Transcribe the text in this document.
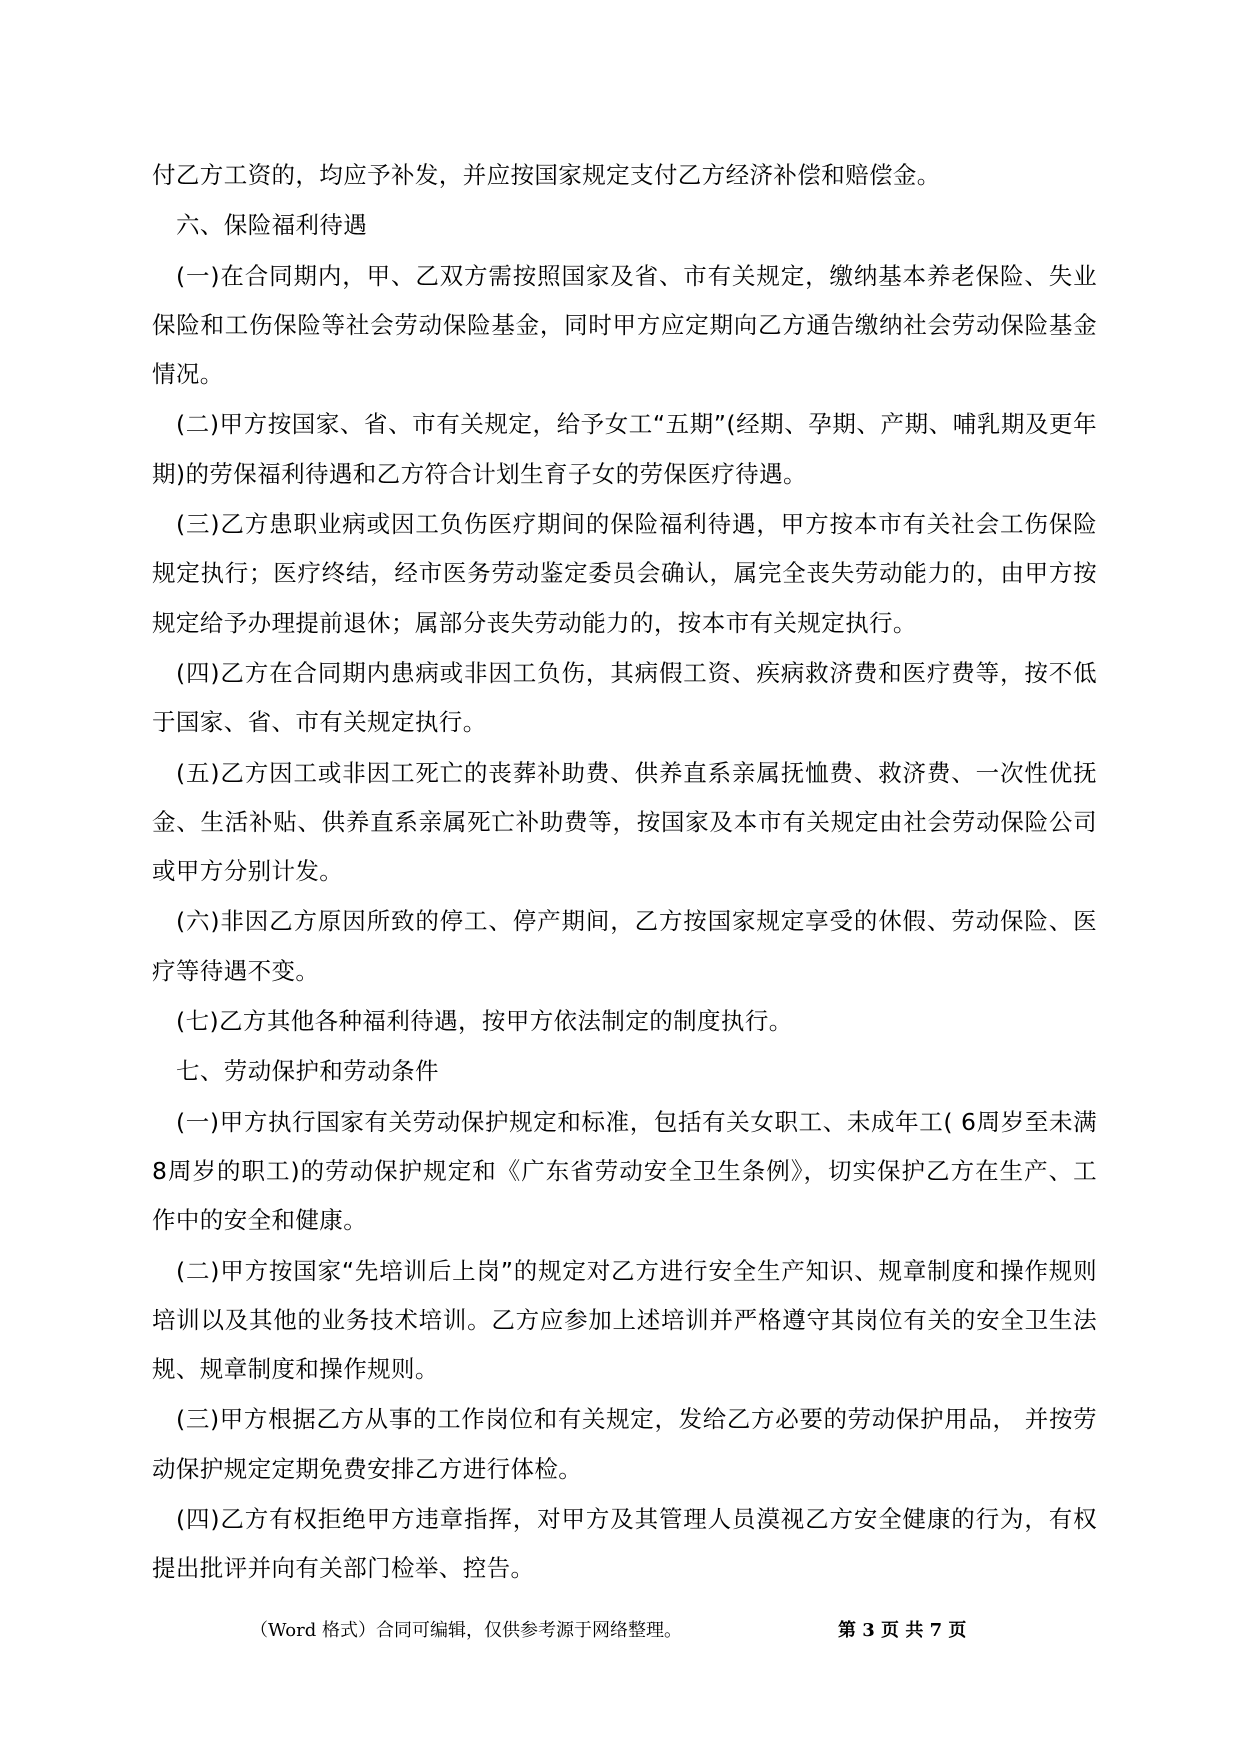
付乙方工资的，均应予补发，并应按国家规定支付乙方经济补偿和赔偿金。

六、保险福利待遇

(一)在合同期内，甲、乙双方需按照国家及省、市有关规定，缴纳基本养老保险、失业保险和工伤保险等社会劳动保险基金，同时甲方应定期向乙方通告缴纳社会劳动保险基金情况。

(二)甲方按国家、省、市有关规定，给予女工“五期”(经期、孕期、产期、哺乳期及更年期)的劳保福利待遇和乙方符合计划生育子女的劳保医疗待遇。

(三)乙方患职业病或因工负伤医疗期间的保险福利待遇，甲方按本市有关社会工伤保险规定执行；医疗终结，经市医务劳动鉴定委员会确认，属完全丧失劳动能力的，由甲方按规定给予办理提前退休；属部分丧失劳动能力的，按本市有关规定执行。

(四)乙方在合同期内患病或非因工负伤，其病假工资、疾病救济费和医疗费等，按不低于国家、省、市有关规定执行。

(五)乙方因工或非因工死亡的丧葬补助费、供养直系亲属抚恤费、救济费、一次性优抚金、生活补贴、供养直系亲属死亡补助费等，按国家及本市有关规定由社会劳动保险公司或甲方分别计发。

(六)非因乙方原因所致的停工、停产期间，乙方按国家规定享受的休假、劳动保险、医疗等待遇不变。

(七)乙方其他各种福利待遇，按甲方依法制定的制度执行。

七、劳动保护和劳动条件

(一)甲方执行国家有关劳动保护规定和标准，包括有关女职工、未成年工( 6周岁至未满 8周岁的职工)的劳动保护规定和《广东省劳动安全卫生条例》，切实保护乙方在生产、工作中的安全和健康。

(二)甲方按国家“先培训后上岗”的规定对乙方进行安全生产知识、规章制度和操作规则培训以及其他的业务技术培训。乙方应参加上述培训并严格遵守其岗位有关的安全卫生法规、规章制度和操作规则。

(三)甲方根据乙方从事的工作岗位和有关规定，发给乙方必要的劳动保护用品， 并按劳动保护规定定期免费安排乙方进行体检。

(四)乙方有权拒绝甲方违章指挥，对甲方及其管理人员漠视乙方安全健康的行为，有权提出批评并向有关部门检举、控告。

（Word 格式）合同可编辑，仅供参考源于网络整理。	第 3 页 共 7 页
